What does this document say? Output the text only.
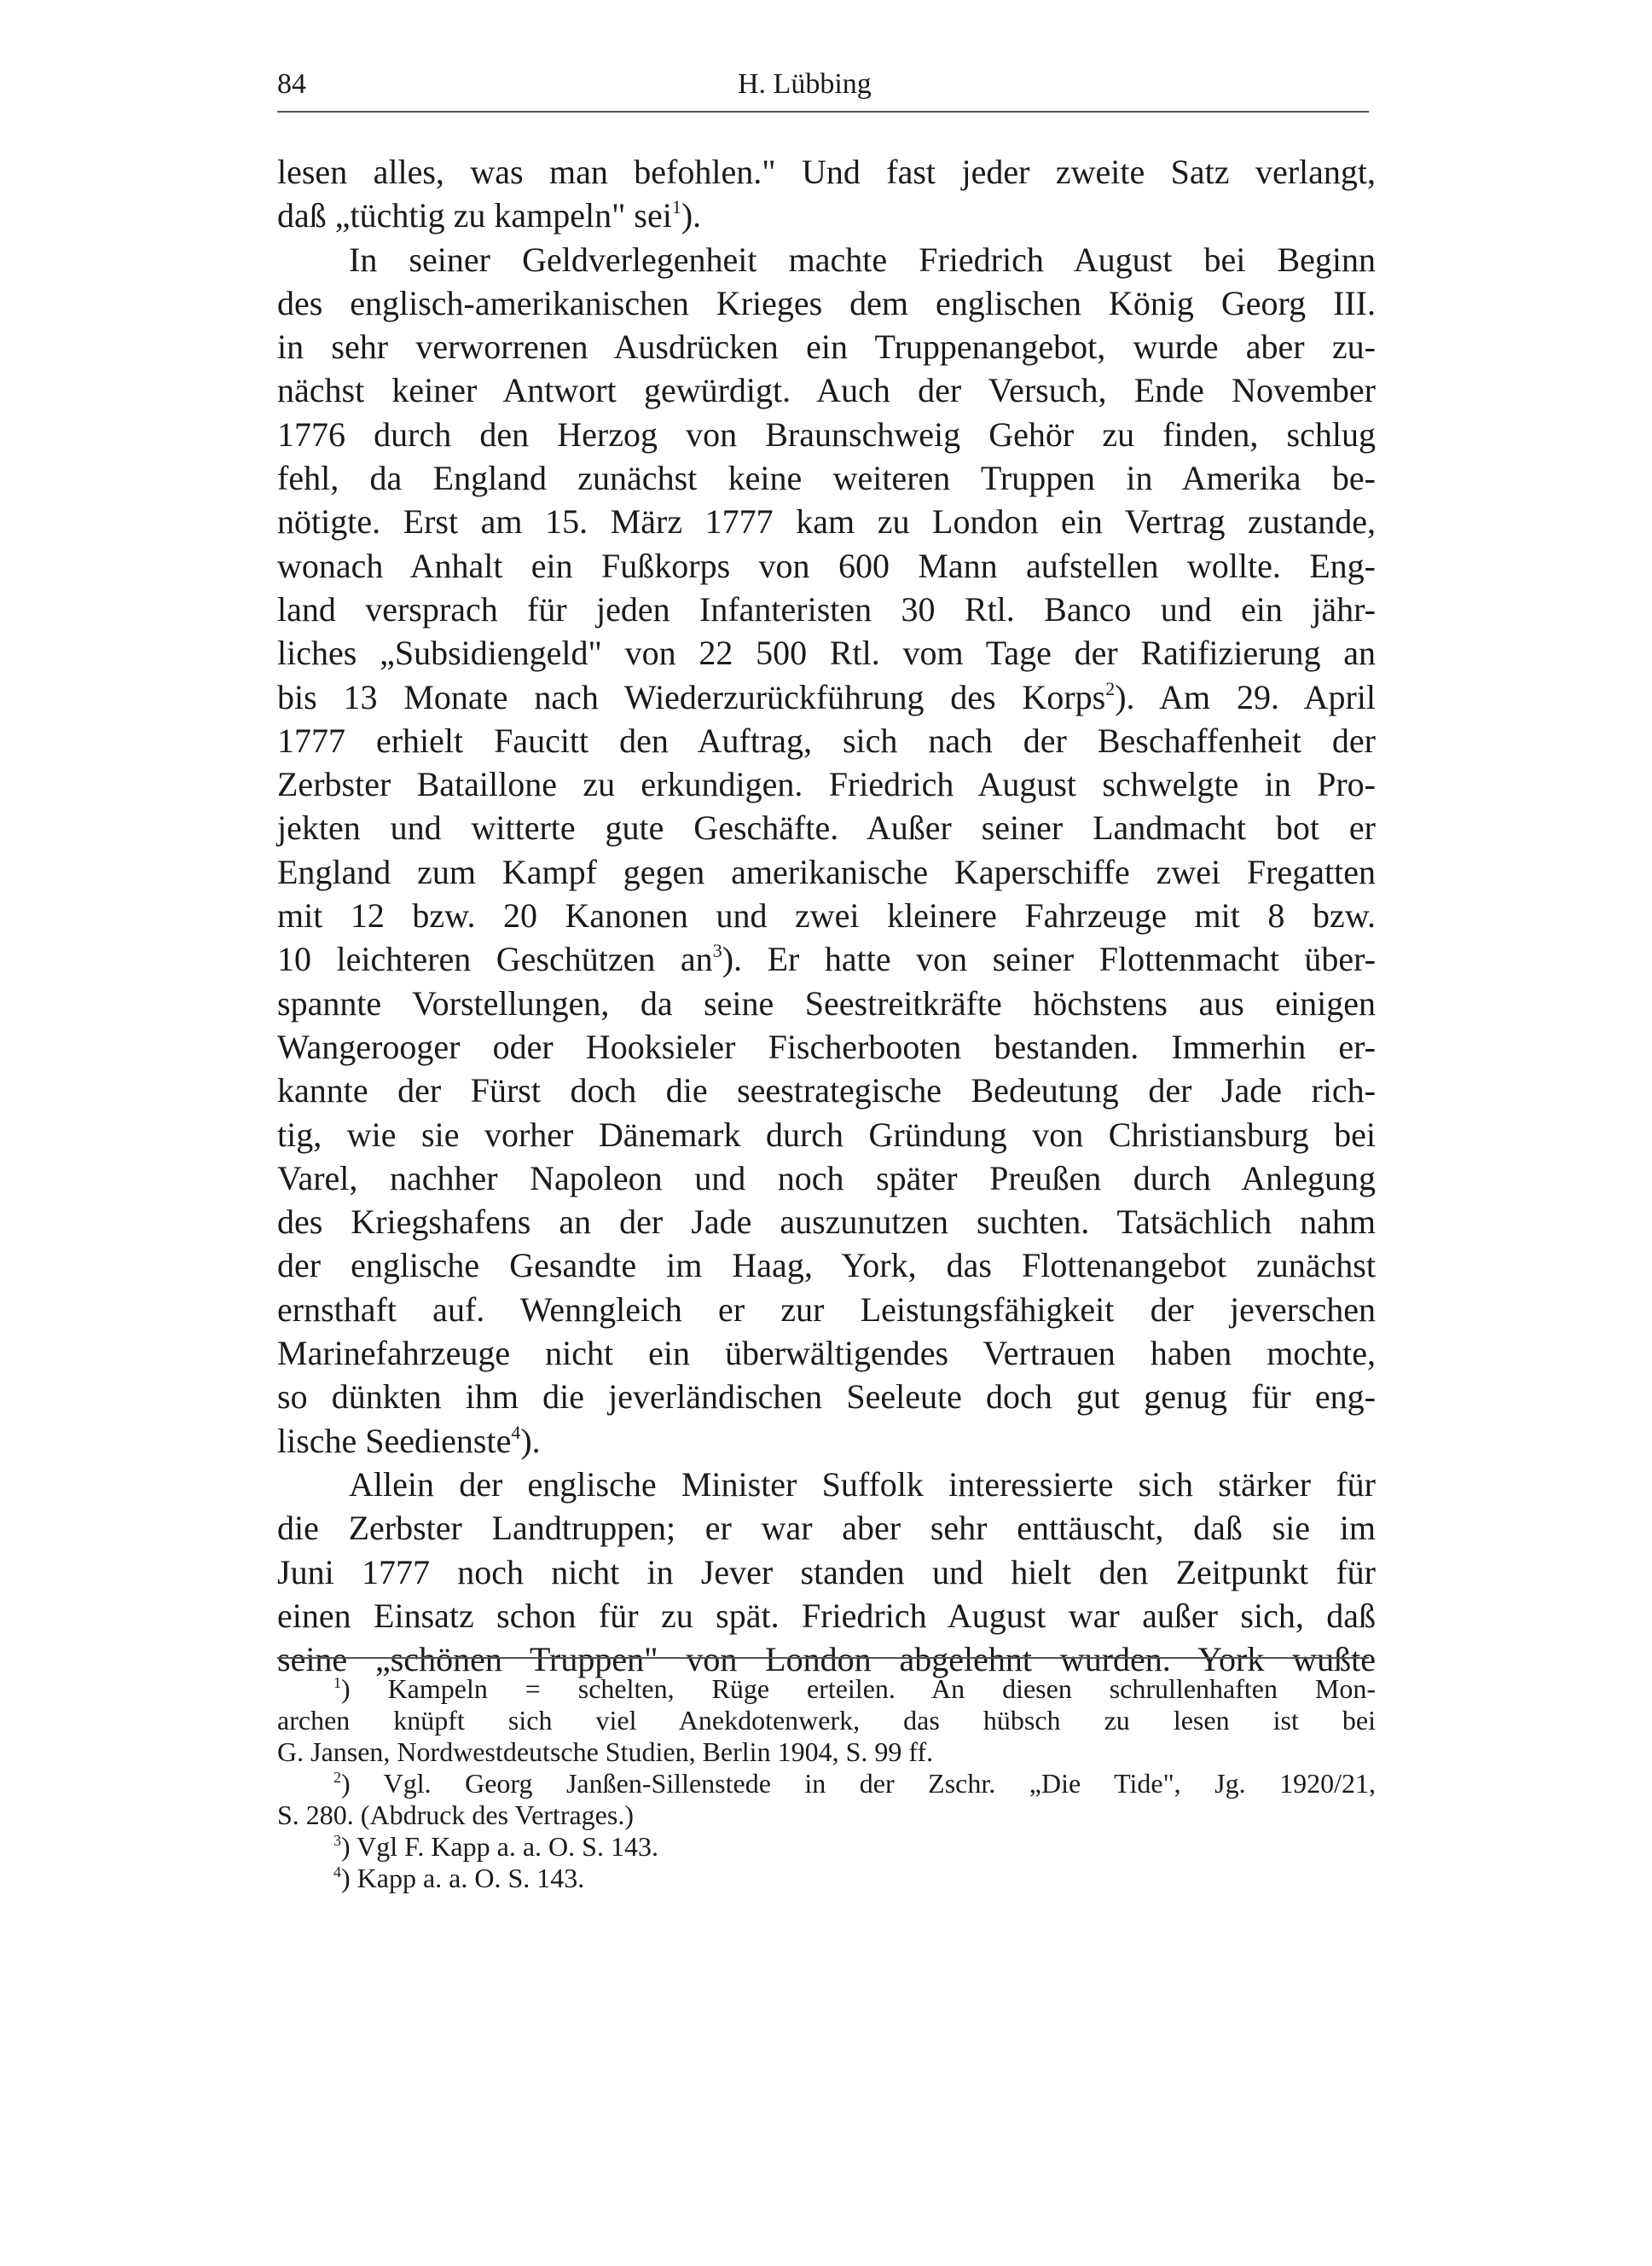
84	H. Lübbing
lesen alles, was man befohlen." Und fast jeder zweite Satz verlangt,
daß „tüchtig zu kampeln" sei$^1$).
In seiner Geldverlegenheit machte Friedrich August bei Beginn
des englisch-amerikanischen Krieges dem englischen König Georg III.
in sehr verworrenen Ausdrücken ein Truppenangebot, wurde aber zu-
nächst keiner Antwort gewürdigt. Auch der Versuch, Ende November
1776 durch den Herzog von Braunschweig Gehör zu finden, schlug
fehl, da England zunächst keine weiteren Truppen in Amerika be-
nötigte. Erst am 15. März 1777 kam zu London ein Vertrag zustande,
wonach Anhalt ein Fußkorps von 600 Mann aufstellen wollte. Eng-
land versprach für jeden Infanteristen 30 Rtl. Banco und ein jähr-
liches „Subsidiengeld" von 22 500 Rtl. vom Tage der Ratifizierung an
bis 13 Monate nach Wiederzurückführung des Korps$^2$). Am 29. April
1777 erhielt Faucitt den Auftrag, sich nach der Beschaffenheit der
Zerbster Bataillone zu erkundigen. Friedrich August schwelgte in Pro-
jekten und witterte gute Geschäfte. Außer seiner Landmacht bot er
England zum Kampf gegen amerikanische Kaperschiffe zwei Fregatten
mit 12 bzw. 20 Kanonen und zwei kleinere Fahrzeuge mit 8 bzw.
10 leichteren Geschützen $an^3$). Er hatte von seiner Flottenmacht über-
spannte Vorstellungen, da seine Seestreitkräfte höchstens aus einigen
Wangerooger oder Hooksieler Fischerbooten bestanden. Immerhin er-
kannte der Fürst doch die seestrategische Bedeutung der Jade rich-
tig, wie sie vorher Dänemark durch Gründung von Christiansburg bei
Varel, nachher Napoleon und noch später Preußen durch Anlegung
des Kriegshafens an der Jade auszunutzen suchten. Tatsächlich nahm
der englische Gesandte im Haag, York, das Flottenangebot zunächst
ernsthaft auf. Wenngleich er zur Leistungsfähigkeit der jeverschen
Marinefahrzeuge nicht ein überwältigendes Vertrauen haben mochte,
so dünkten ihm die jeverländischen Seeleute doch gut genug für eng-
lische Seedienste$^4$).
Allein der englische Minister Suffolk interessierte sich stärker für
die Zerbster Landtruppen; er war aber sehr enttäuscht, daß sie im
Juni 1777 noch nicht in Jever standen und hielt den Zeitpunkt für
einen Einsatz schon für zu spät. Friedrich August war außer sich, daß
seine „schönen Truppen" von London abgelehnt wurden. York wußte
$^1$) Kampeln = schelten, Rüge erteilen. An diesen schrullenhaften Mon-
archen knüpft sich viel Anekdotenwerk, das hübsch zu lesen ist bei
G. Jansen, Nordwestdeutsche Studien, Berlin 1904, S. 99 ff.
$^2$) Vgl. Georg Janßen-Sillenstede in der Zschr. „Die Tide", Jg. 1920/21,
S. 280. (Abdruck des Vertrages.)
$^3$) Vgl F. Kapp a. a. O. S. 143.
$^4$) Kapp a. a. O. S. 143.
